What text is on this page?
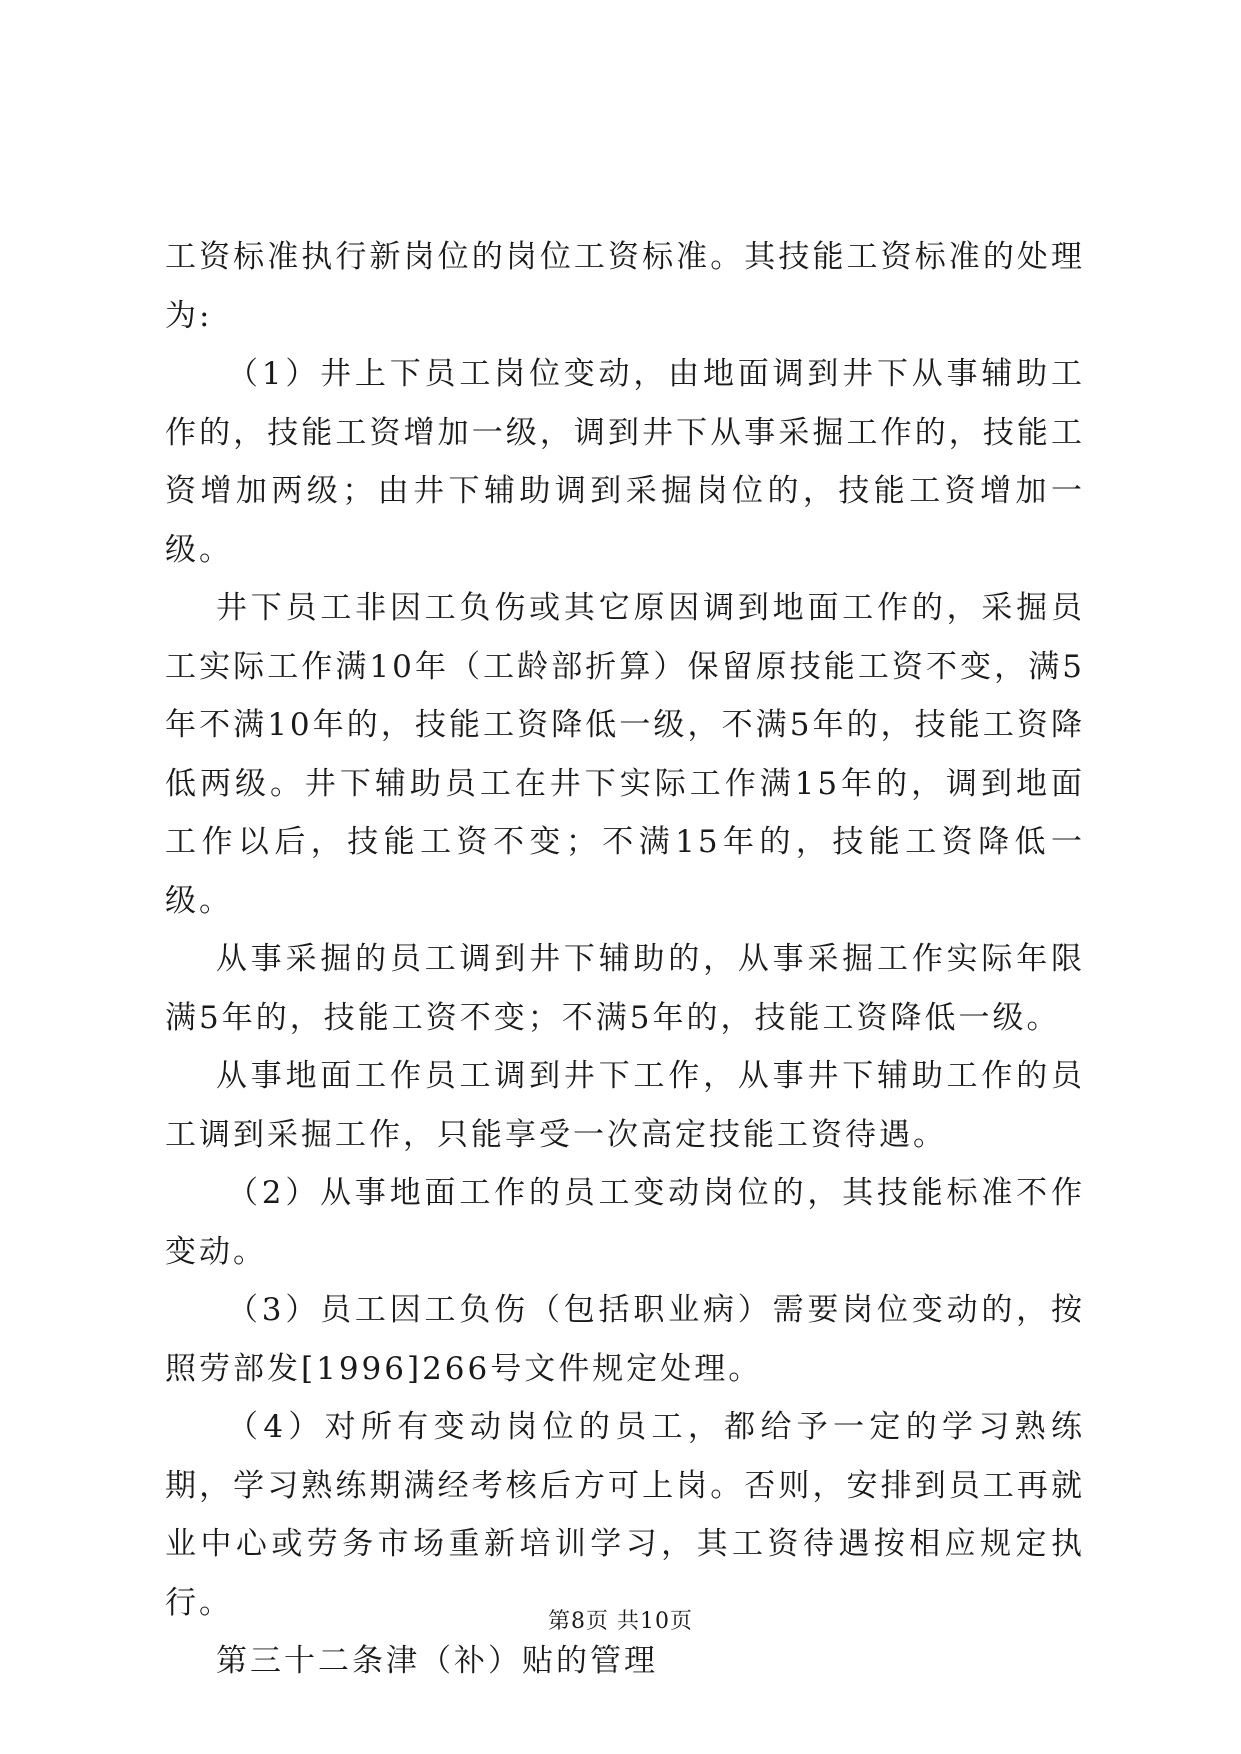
工资标准执行新岗位的岗位工资标准。其技能工资标准的处理为:

（1）井上下员工岗位变动，由地面调到井下从事辅助工作的，技能工资增加一级，调到井下从事采掘工作的，技能工资增加两级；由井下辅助调到采掘岗位的，技能工资增加一级。

井下员工非因工负伤或其它原因调到地面工作的，采掘员工实际工作满10年（工龄部折算）保留原技能工资不变，满5年不满10年的，技能工资降低一级，不满5年的，技能工资降低两级。井下辅助员工在井下实际工作满15年的，调到地面工作以后，技能工资不变；不满15年的，技能工资降低一级。

从事采掘的员工调到井下辅助的，从事采掘工作实际年限满5年的，技能工资不变；不满5年的，技能工资降低一级。

从事地面工作员工调到井下工作，从事井下辅助工作的员工调到采掘工作，只能享受一次高定技能工资待遇。

（2）从事地面工作的员工变动岗位的，其技能标准不作变动。

（3）员工因工负伤（包括职业病）需要岗位变动的，按照劳部发[1996]266号文件规定处理。

（4）对所有变动岗位的员工，都给予一定的学习熟练期，学习熟练期满经考核后方可上岗。否则，安排到员工再就业中心或劳务市场重新培训学习，其工资待遇按相应规定执行。

第三十二条津（补）贴的管理

第8页 共10页
